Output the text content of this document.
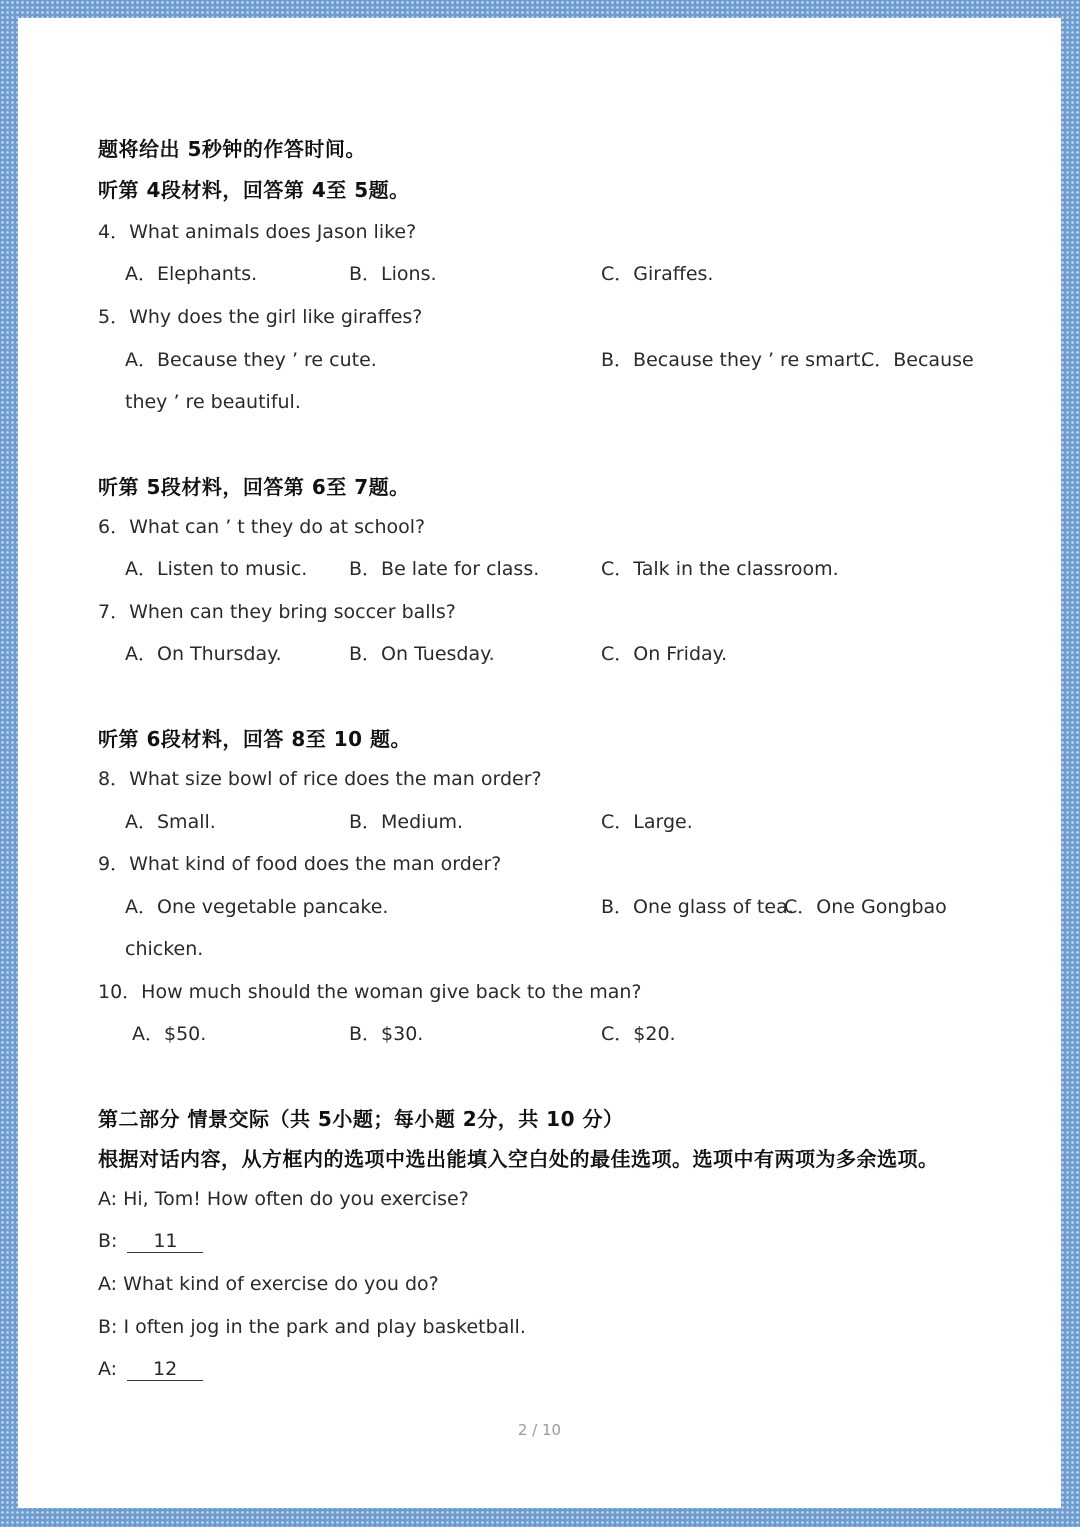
题将给出 5秒钟的作答时间。
听第 4段材料，回答第 4至 5题。
4．What animals does Jason like?
A．Elephants.	B．Lions.	C．Giraffes.
5．Why does the girl like giraffes?
A．Because they ’ re cute.	B．Because they ’ re smart.
C．Because
they ’ re beautiful.
听第 5段材料，回答第 6至 7题。
6．What can ’ t they do at school?
A．Listen to music. B．Be late for class.	C．Talk in the classroom.
7．When can they bring soccer balls?
A．On Thursday.	B．On Tuesday.	C．On Friday.
听第 6段材料，回答 8至 10 题。
8．What size bowl of rice does the man order?
A．Small.	B．Medium.	C．Large.
9．What kind of food does the man order?
A．One vegetable pancake.	B．One glass of tea.
C．One Gongbao
chicken.
10．How much should the woman give back to the man?
A．$50.	B．$30.	C．$20.
第二部分 情景交际（共 5小题；每小题 2分，共 10 分）
根据对话内容，从方框内的选项中选出能填入空白处的最佳选项。选项中有两项为多余选项。
A: Hi, Tom! How often do you exercise?
B: 11
A: What kind of exercise do you do?
B: I often jog in the park and play basketball.
A: 12
2 / 10
